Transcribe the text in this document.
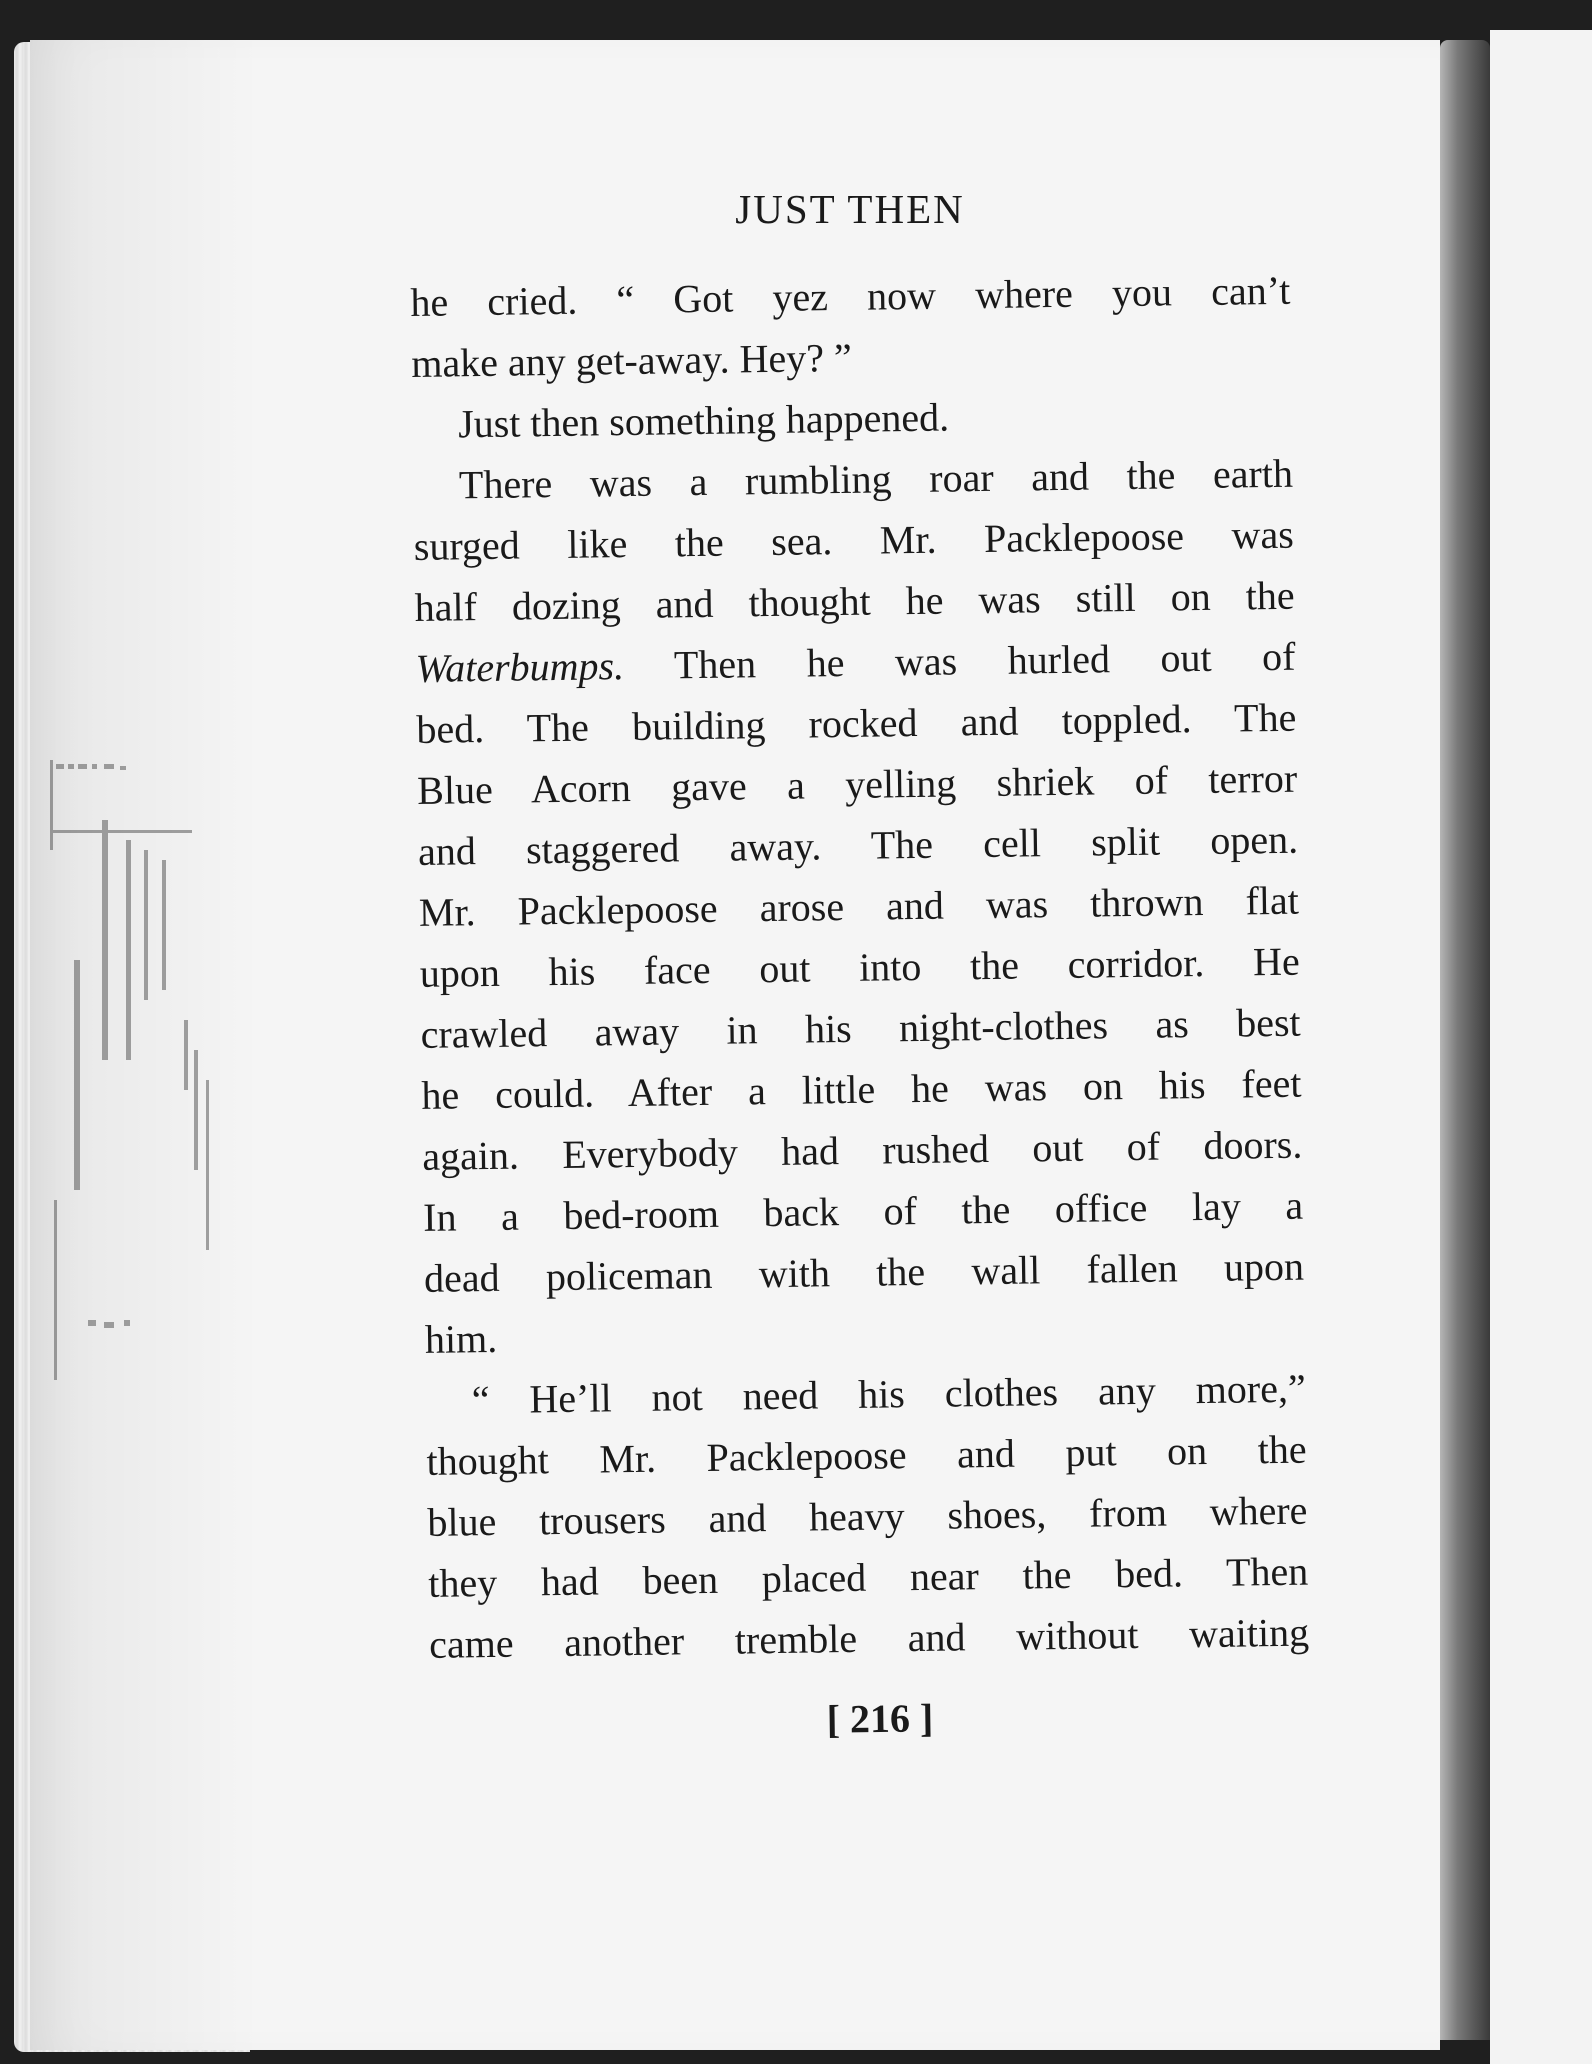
JUST THEN
he cried. “ Got yez now where you can’t
make any get-away. Hey? ”
Just then something happened.
There was a rumbling roar and the earth
surged like the sea. Mr. Packlepoose was
half dozing and thought he was still on the
Waterbumps. Then he was hurled out of
bed. The building rocked and toppled. The
Blue Acorn gave a yelling shriek of terror
and staggered away. The cell split open.
Mr. Packlepoose arose and was thrown flat
upon his face out into the corridor. He
crawled away in his night-clothes as best
he could. After a little he was on his feet
again. Everybody had rushed out of doors.
In a bed-room back of the office lay a
dead policeman with the wall fallen upon
him.
“ He’ll not need his clothes any more,”
thought Mr. Packlepoose and put on the
blue trousers and heavy shoes, from where
they had been placed near the bed. Then
came another tremble and without waiting
[ 216 ]
